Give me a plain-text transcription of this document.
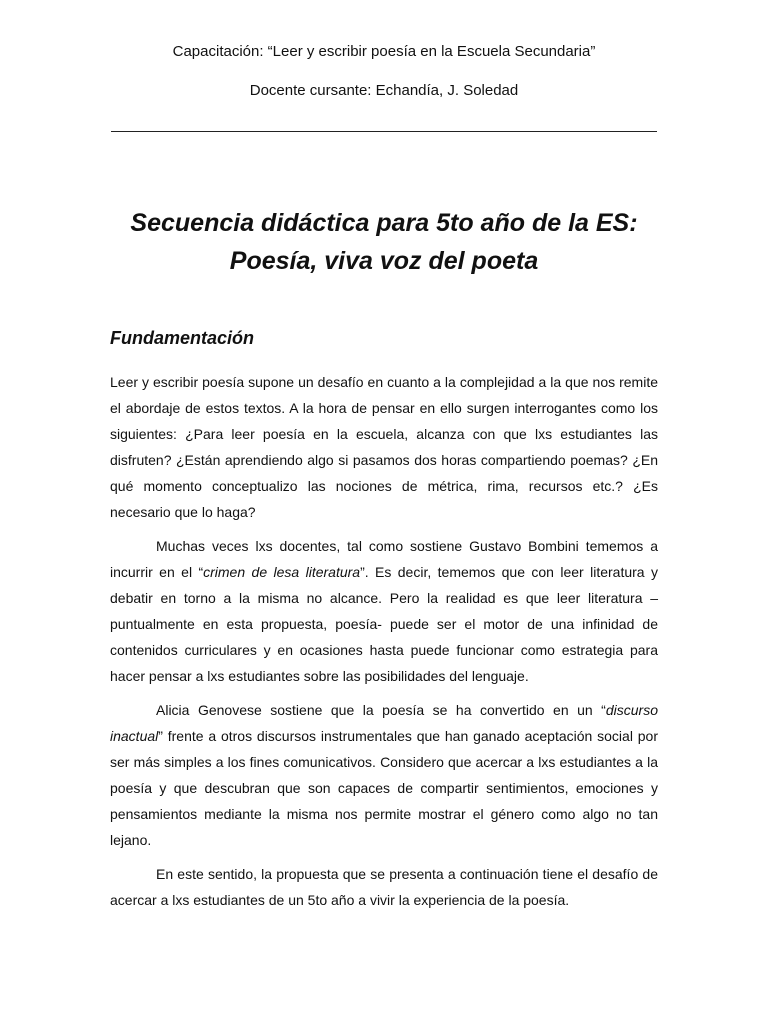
Capacitación: “Leer y escribir poesía en la Escuela Secundaria”
Docente cursante: Echandía, J. Soledad
Secuencia didáctica para 5to año de la ES:
Poesía, viva voz del poeta
Fundamentación

Leer y escribir poesía supone un desafío en cuanto a la complejidad a la que nos remite el abordaje de estos textos. A la hora de pensar en ello surgen interrogantes como los siguientes: ¿Para leer poesía en la escuela, alcanza con que lxs estudiantes las disfruten? ¿Están aprendiendo algo si pasamos dos horas compartiendo poemas? ¿En qué momento conceptualizo las nociones de métrica, rima, recursos etc.? ¿Es necesario que lo haga?

Muchas veces lxs docentes, tal como sostiene Gustavo Bombini tememos a incurrir en el “crimen de lesa literatura”. Es decir, tememos que con leer literatura y debatir en torno a la misma no alcance. Pero la realidad es que leer literatura –puntualmente en esta propuesta, poesía- puede ser el motor de una infinidad de contenidos curriculares y en ocasiones hasta puede funcionar como estrategia para hacer pensar a lxs estudiantes sobre las posibilidades del lenguaje.

Alicia Genovese sostiene que la poesía se ha convertido en un “discurso inactual” frente a otros discursos instrumentales que han ganado aceptación social por ser más simples a los fines comunicativos. Considero que acercar a lxs estudiantes a la poesía y que descubran que son capaces de compartir sentimientos, emociones y pensamientos mediante la misma nos permite mostrar el género como algo no tan lejano.

En este sentido, la propuesta que se presenta a continuación tiene el desafío de acercar a lxs estudiantes de un 5to año a vivir la experiencia de la poesía.
